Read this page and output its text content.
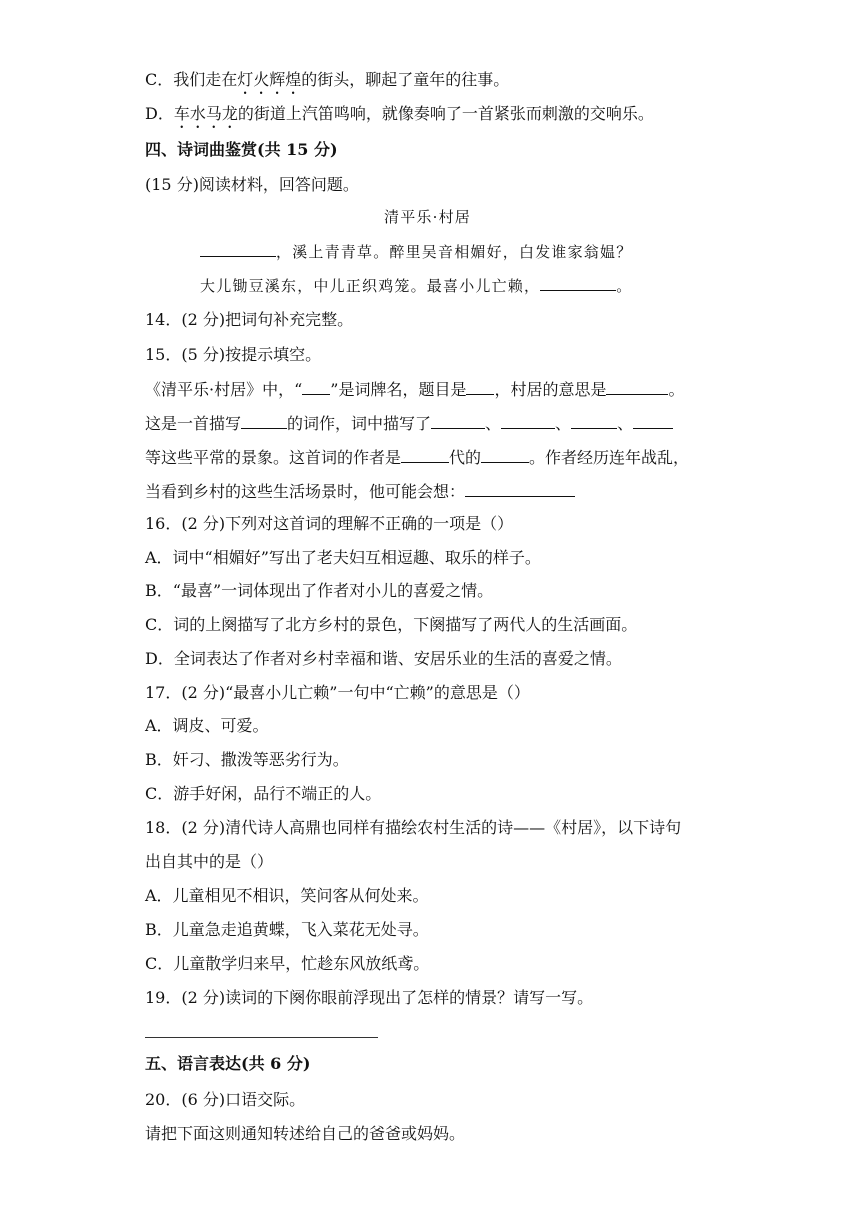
C．我们走在灯火辉煌的街头，聊起了童年的往事。
D．车水马龙的街道上汽笛鸣响，就像奏响了一首紧张而刺激的交响乐。
四、诗词曲鉴赏(共 15 分)
(15 分)阅读材料，回答问题。
清平乐·村居
，溪上青青草。醉里吴音相媚好，白发谁家翁媪？
大儿锄豆溪东，中儿正织鸡笼。最喜小儿亡赖，	。
14．(2 分)把词句补充完整。
15．(5 分)按提示填空。
《清平乐·村居》中，“ ”是词牌名，题目是 ，村居的意思是	。
这是一首描写	的词作，词中描写了	、	、	、
等这些平常的景象。这首词的作者是	代的	。作者经历连年战乱，
当看到乡村的这些生活场景时，他可能会想：
16．(2 分)下列对这首词的理解不正确的一项是（）
A．词中“相媚好”写出了老夫妇互相逗趣、取乐的样子。
B．“最喜”一词体现出了作者对小儿的喜爱之情。
C．词的上阕描写了北方乡村的景色，下阕描写了两代人的生活画面。
D．全词表达了作者对乡村幸福和谐、安居乐业的生活的喜爱之情。
17．(2 分)“最喜小儿亡赖”一句中“亡赖”的意思是（）
A．调皮、可爱。
B．奸刁、撒泼等恶劣行为。
C．游手好闲，品行不端正的人。
18．(2 分)清代诗人高鼎也同样有描绘农村生活的诗——《村居》，以下诗句
出自其中的是（）
A．儿童相见不相识，笑问客从何处来。
B．儿童急走追黄蝶，飞入菜花无处寻。
C．儿童散学归来早，忙趁东风放纸鸢。
19．(2 分)读词的下阕你眼前浮现出了怎样的情景？请写一写。
五、语言表达(共 6 分)
20．(6 分)口语交际。
请把下面这则通知转述给自己的爸爸或妈妈。
